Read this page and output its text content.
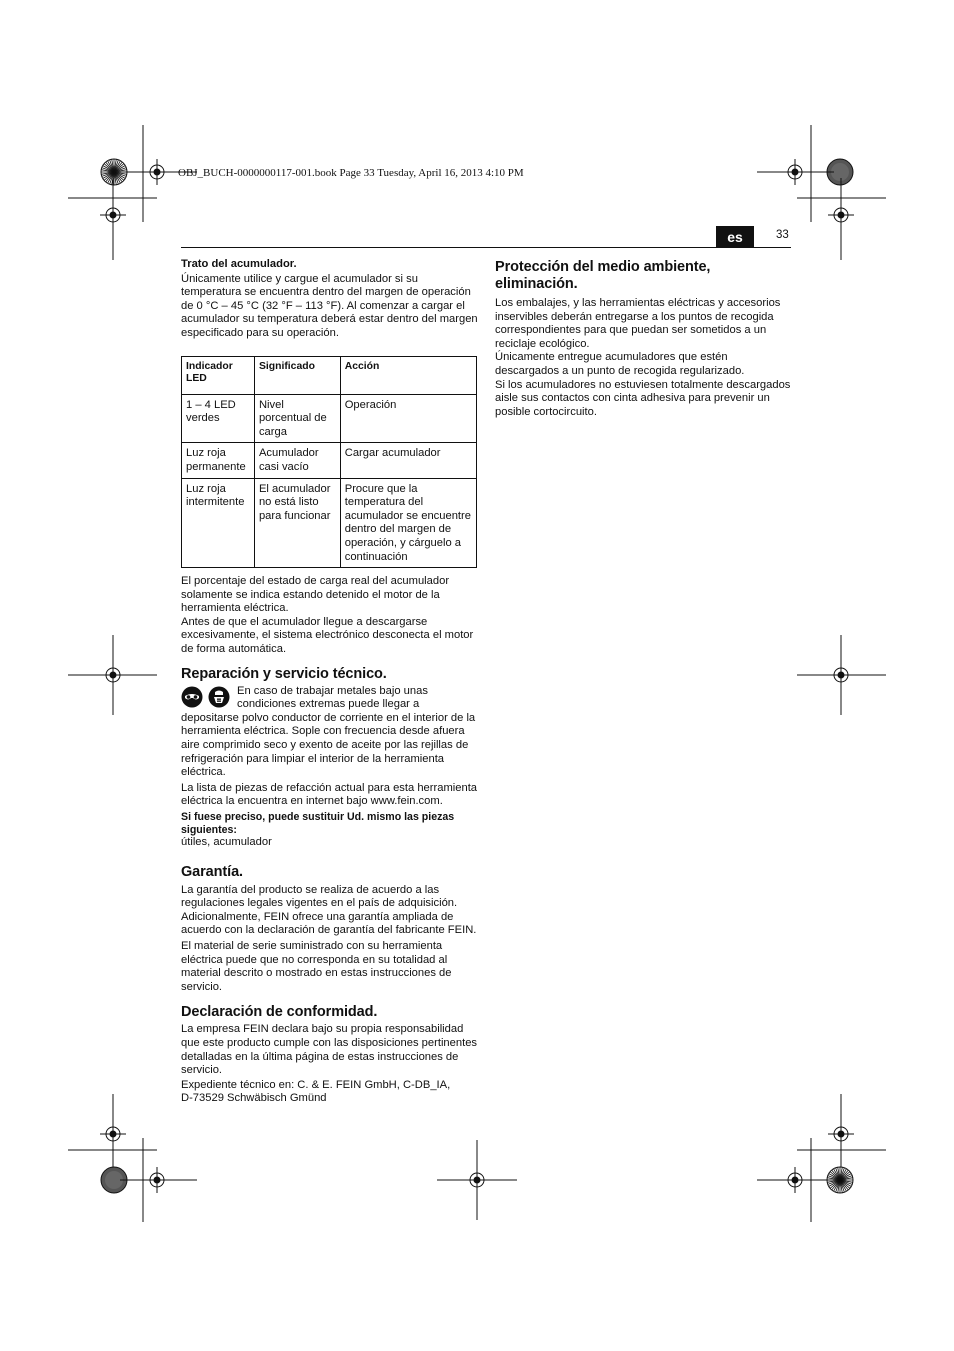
OBJ_BUCH-0000000117-001.book Page 33 Tuesday, April 16, 2013 4:10 PM
es	33
Trato del acumulador.

Únicamente utilice y cargue el acumulador si su temperatura se encuentra dentro del margen de operación de 0 °C – 45 °C (32 °F – 113 °F). Al comenzar a cargar el acumulador su temperatura deberá estar dentro del margen especificado para su operación.

Indicador LED	Significado	Acción
1 – 4 LED verdes	Nivel porcentual de carga	Operación
Luz roja permanente	Acumulador casi vacío	Cargar acumulador
Luz roja intermitente	El acumulador no está listo para funcionar	Procure que la temperatura del acumulador se encuentre dentro del margen de operación, y cárguelo a continuación

El porcentaje del estado de carga real del acumulador solamente se indica estando detenido el motor de la herramienta eléctrica.

Antes de que el acumulador llegue a descargarse excesivamente, el sistema electrónico desconecta el motor de forma automática.

Reparación y servicio técnico.

En caso de trabajar metales bajo unas condiciones extremas puede llegar a depositarse polvo conductor de corriente en el interior de la herramienta eléctrica. Sople con frecuencia desde afuera aire comprimido seco y exento de aceite por las rejillas de refrigeración para limpiar el interior de la herramienta eléctrica.

La lista de piezas de refacción actual para esta herramienta eléctrica la encuentra en internet bajo www.fein.com.

Si fuese preciso, puede sustituir Ud. mismo las piezas siguientes:

útiles, acumulador

Garantía.

La garantía del producto se realiza de acuerdo a las regulaciones legales vigentes en el país de adquisición. Adicionalmente, FEIN ofrece una garantía ampliada de acuerdo con la declaración de garantía del fabricante FEIN.

El material de serie suministrado con su herramienta eléctrica puede que no corresponda en su totalidad al material descrito o mostrado en estas instrucciones de servicio.

Declaración de conformidad.

La empresa FEIN declara bajo su propia responsabilidad que este producto cumple con las disposiciones pertinentes detalladas en la última página de estas instrucciones de servicio.

Expediente técnico en: C. & E. FEIN GmbH, C-DB_IA,

D-73529 Schwäbisch Gmünd

Protección del medio ambiente, eliminación.

Los embalajes, y las herramientas eléctricas y accesorios inservibles deberán entregarse a los puntos de recogida correspondientes para que puedan ser sometidos a un reciclaje ecológico.

Únicamente entregue acumuladores que estén descargados a un punto de recogida regularizado.

Si los acumuladores no estuviesen totalmente descargados aisle sus contactos con cinta adhesiva para prevenir un posible cortocircuito.
